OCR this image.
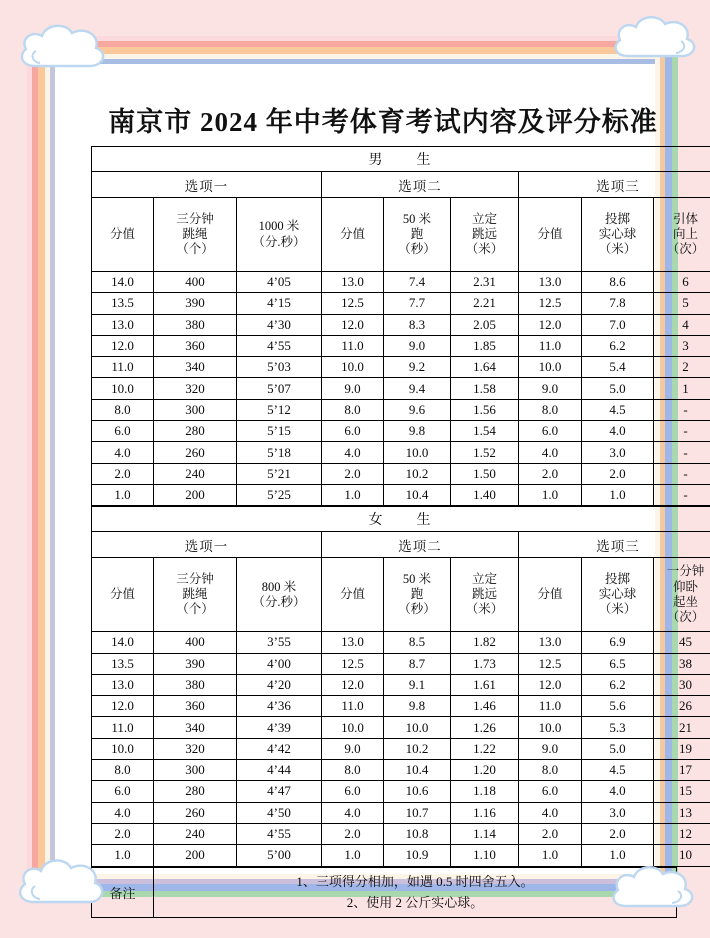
南京市 2024 年中考体育考试内容及评分标准
男　生								
选项一			选项二			选项三		

分值	三分钟
跳绳
（个）	1000 米
（分.秒）	分值	50 米
跑
（秒）	立定
跳远
（米）	分值	投掷
实心球
（米）	引体
向上
（次）

14.0	400	4’05	13.0	7.4	2.31	13.0	8.6	6
13.5	390	4’15	12.5	7.7	2.21	12.5	7.8	5
13.0	380	4’30	12.0	8.3	2.05	12.0	7.0	4
12.0	360	4’55	11.0	9.0	1.85	11.0	6.2	3
11.0	340	5’03	10.0	9.2	1.64	10.0	5.4	2
10.0	320	5’07	9.0	9.4	1.58	9.0	5.0	1
8.0	300	5’12	8.0	9.6	1.56	8.0	4.5	-
6.0	280	5’15	6.0	9.8	1.54	6.0	4.0	-
4.0	260	5’18	4.0	10.0	1.52	4.0	3.0	-
2.0	240	5’21	2.0	10.2	1.50	2.0	2.0	-
1.0	200	5’25	1.0	10.4	1.40	1.0	1.0	-
女　生								
选项一			选项二			选项三		

分值	三分钟
跳绳
（个）	800 米
（分.秒）	分值	50 米
跑
（秒）	立定
跳远
（米）	分值	投掷
实心球
（米）	一分钟
仰卧
起坐
（次）

14.0	400	3’55	13.0	8.5	1.82	13.0	6.9	45
13.5	390	4’00	12.5	8.7	1.73	12.5	6.5	38
13.0	380	4’20	12.0	9.1	1.61	12.0	6.2	30
12.0	360	4’36	11.0	9.8	1.46	11.0	5.6	26
11.0	340	4’39	10.0	10.0	1.26	10.0	5.3	21
10.0	320	4’42	9.0	10.2	1.22	9.0	5.0	19
8.0	300	4’44	8.0	10.4	1.20	8.0	4.5	17
6.0	280	4’47	6.0	10.6	1.18	6.0	4.0	15
4.0	260	4’50	4.0	10.7	1.16	4.0	3.0	13
2.0	240	4’55	2.0	10.8	1.14	2.0	2.0	12
1.0	200	5’00	1.0	10.9	1.10	1.0	1.0	10
备注	
1、三项得分相加，如遇 0.5 时四舍五入。
2、使用 2 公斤实心球。
